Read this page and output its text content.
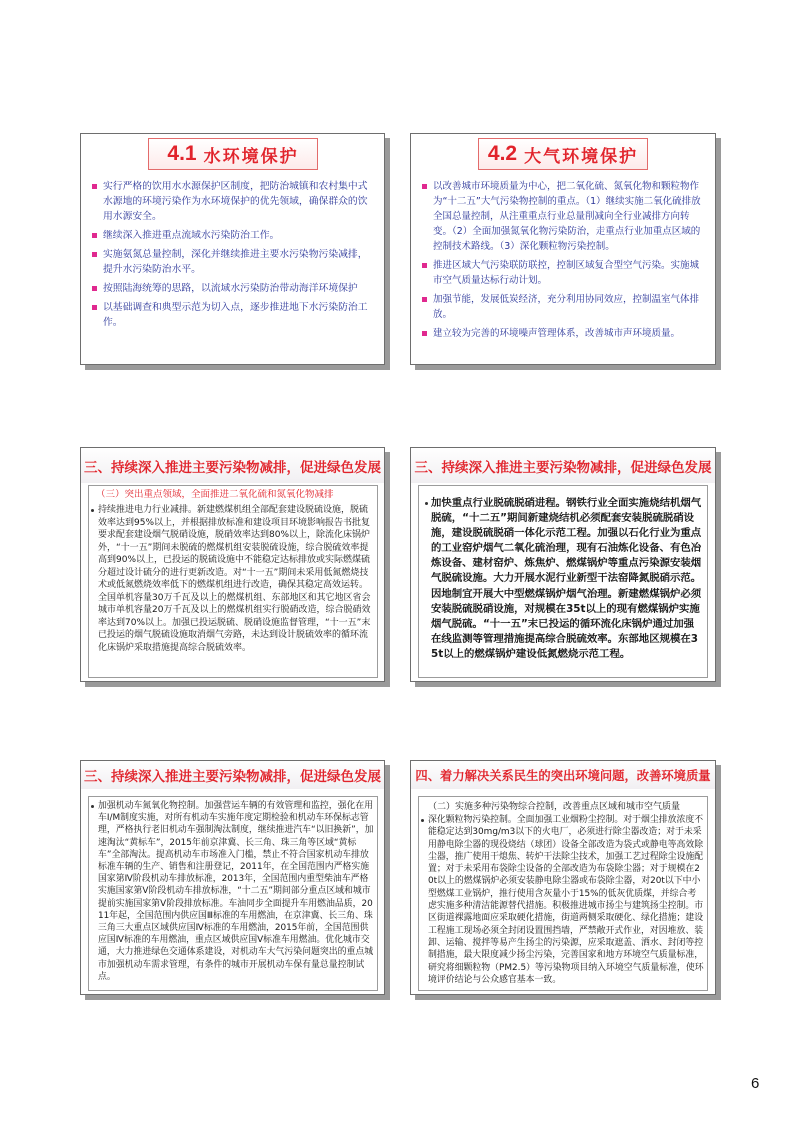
4.1 水环境保护
实行严格的饮用水水源保护区制度，把防治城镇和农村集中式水源地的环境污染作为水环境保护的优先领域，确保群众的饮用水源安全。
继续深入推进重点流域水污染防治工作。
实施氨氮总量控制，深化并继续推进主要水污染物污染减排，提升水污染防治水平。
按照陆海统筹的思路，以流域水污染防治带动海洋环境保护
以基础调查和典型示范为切入点，逐步推进地下水污染防治工作。
4.2 大气环境保护
以改善城市环境质量为中心，把二氧化硫、氮氧化物和颗粒物作为“十二五”大气污染物控制的重点。（1）继续实施二氧化硫排放全国总量控制，从注重重点行业总量削减向全行业减排方向转变。（2）全面加强氮氧化物污染防治，走重点行业加重点区域的控制技术路线。（3）深化颗粒物污染控制。
推进区域大气污染联防联控，控制区域复合型空气污染。实施城市空气质量达标行动计划。
加强节能，发展低炭经济，充分利用协同效应，控制温室气体排放。
建立较为完善的环境噪声管理体系，改善城市声环境质量。
三、持续深入推进主要污染物减排，促进绿色发展
（三）突出重点领域，全面推进二氧化硫和氮氧化物减排
持续推进电力行业减排。新建燃煤机组全部配套建设脱硫设施，脱硫效率达到95%以上，并根据排放标准和建设项目环境影响报告书批复要求配套建设烟气脱硝设施，脱硝效率达到80%以上，除流化床锅炉外，“十一五”期间未脱硫的燃煤机组安装脱硫设施，综合脱硫效率提高到90%以上，已投运的脱硫设施中不能稳定达标排放或实际燃煤硫分超过设计硫分的进行更新改造。对“十一五”期间未采用低氮燃烧技术或低氮燃烧效率低下的燃煤机组进行改造，确保其稳定高效运转。全国单机容量30万千瓦及以上的燃煤机组、东部地区和其它地区省会城市单机容量20万千瓦及以上的燃煤机组实行脱硝改造，综合脱硝效率达到70%以上。加强已投运脱硫、脱硝设施监督管理，“十一五”末已投运的烟气脱硫设施取消烟气旁路，未达到设计脱硫效率的循环流化床锅炉采取措施提高综合脱硫效率。
三、持续深入推进主要污染物减排，促进绿色发展
加快重点行业脱硫脱硝进程。钢铁行业全面实施烧结机烟气脱硫，“十二五”期间新建烧结机必须配套安装脱硫脱硝设施，建设脱硫脱硝一体化示范工程。加强以石化行业为重点的工业窑炉烟气二氧化硫治理，现有石油炼化设备、有色冶炼设备、建材窑炉、炼焦炉、燃煤锅炉等重点污染源安装烟气脱硫设施。大力开展水泥行业新型干法窑降氮脱硝示范。
因地制宜开展大中型燃煤锅炉烟气治理。新建燃煤锅炉必须安装脱硫脱硝设施，对规模在35t以上的现有燃煤锅炉实施烟气脱硫。“十一五”末已投运的循环流化床锅炉通过加强在线监测等管理措施提高综合脱硫效率。东部地区规模在35t以上的燃煤锅炉建设低氮燃烧示范工程。
三、持续深入推进主要污染物减排，促进绿色发展
加强机动车氮氧化物控制。加强营运车辆的有效管理和监控，强化在用车I/M制度实施，对所有机动车实施年度定期检验和机动车环保标志管理，严格执行老旧机动车强制淘汰制度，继续推进汽车“以旧换新”，加速淘汰“黄标车”，2015年前京津冀、长三角、珠三角等区域“黄标车”全部淘汰。提高机动车市场准入门槛，禁止不符合国家机动车排放标准车辆的生产、销售和注册登记，2011年，在全国范围内严格实施国家第Ⅳ阶段机动车排放标准，2013年，全国范围内重型柴油车严格实施国家第Ⅴ阶段机动车排放标准，“十二五”期间部分重点区域和城市提前实施国家第Ⅴ阶段排放标准。车油同步全面提升车用燃油品质，2011年起，全国范围内供应国Ⅲ标准的车用燃油，在京津冀、长三角、珠三角三大重点区域供应国Ⅳ标准的车用燃油，2015年前，全国范围供应国Ⅳ标准的车用燃油，重点区域供应国Ⅴ标准车用燃油。优化城市交通，大力推进绿色交通体系建设，对机动车大气污染问题突出的重点城市加强机动车需求管理，有条件的城市开展机动车保有量总量控制试点。
四、着力解决关系民生的突出环境问题，改善环境质量
（二）实施多种污染物综合控制，改善重点区域和城市空气质量
深化颗粒物污染控制。全面加强工业烟粉尘控制。对于烟尘排放浓度不能稳定达到30mg/m3以下的火电厂，必须进行除尘器改造；对于未采用静电除尘器的现役烧结（球团）设备全部改造为袋式或静电等高效除尘器，推广使用干熄焦、转炉干法除尘技术，加强工艺过程除尘设施配置；对于未采用布袋除尘设备的全部改造为布袋除尘器；对于规模在20t以上的燃煤锅炉必须安装静电除尘器或布袋除尘器，对20t以下中小型燃煤工业锅炉，推行使用含灰量小于15%的低灰优质煤，并综合考虑实施多种清洁能源替代措施。积极推进城市扬尘与建筑扬尘控制。市区街道裸露地面应采取硬化措施，街道两侧采取硬化、绿化措施；建设工程施工现场必须全封闭设置围挡墙，严禁敞开式作业，对因堆放、装卸、运输、搅拌等易产生扬尘的污染源，应采取遮盖、洒水、封闭等控制措施，最大限度减少扬尘污染，完善国家和地方环境空气质量标准，研究将细颗粒物（PM2.5）等污染物项目纳入环境空气质量标准，使环境评价结论与公众感官基本一致。
6
